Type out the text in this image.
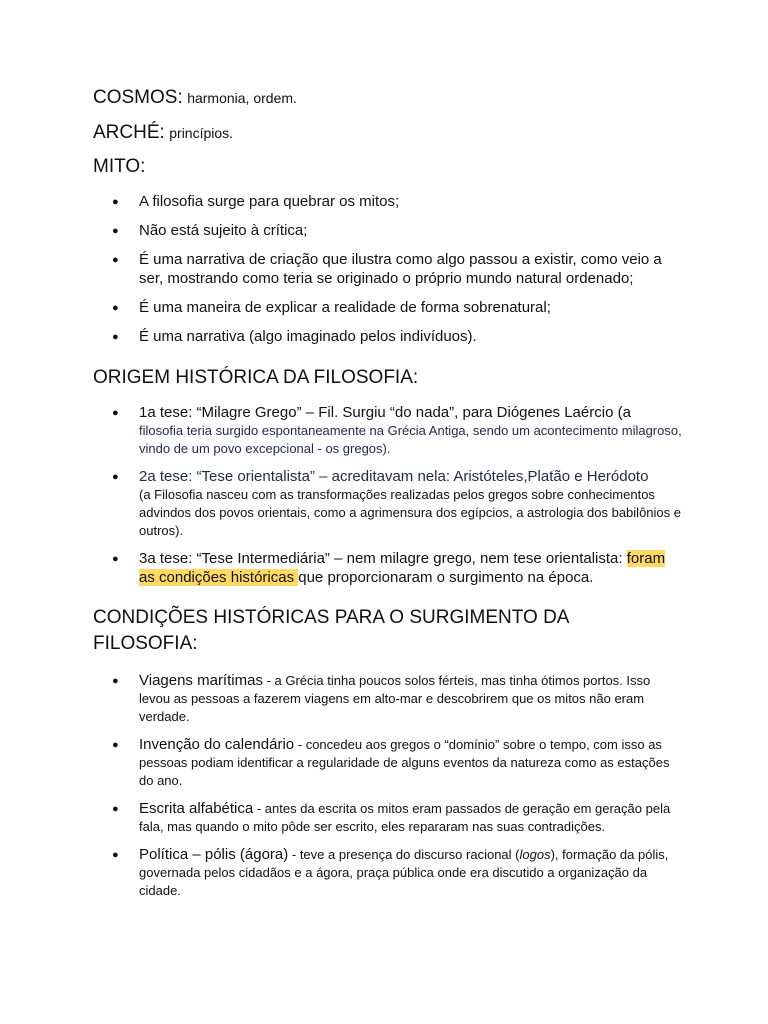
COSMOS: harmonia, ordem.

ARCHÉ: princípios.

MITO:
● A filosofia surge para quebrar os mitos;
● Não está sujeito à crítica;
● É uma narrativa de criação que ilustra como algo passou a existir, como veio a ser, mostrando como teria se originado o próprio mundo natural ordenado;
● É uma maneira de explicar a realidade de forma sobrenatural;
● É uma narrativa (algo imaginado pelos indivíduos).
ORIGEM HISTÓRICA DA FILOSOFIA:
● 1a tese: “Milagre Grego” – Fil. Surgiu “do nada”, para Diógenes Laércio (a
filosofia teria surgido espontaneamente na Grécia Antiga, sendo um acontecimento milagroso, vindo de um povo excepcional - os gregos).
● 2a tese: “Tese orientalista” – acreditavam nela: Aristóteles,Platão e Heródoto
(a Filosofia nasceu com as transformações realizadas pelos gregos sobre conhecimentos advindos dos povos orientais, como a agrimensura dos egípcios, a astrologia dos babilônios e outros).
● 3a tese: “Tese Intermediária” – nem milagre grego, nem tese orientalista: foram as condições históricas que proporcionaram o surgimento na época.
CONDIÇÕES HISTÓRICAS PARA O SURGIMENTO DA FILOSOFIA:
● Viagens marítimas - a Grécia tinha poucos solos férteis, mas tinha ótimos portos. Isso levou as pessoas a fazerem viagens em alto-mar e descobrirem que os mitos não eram verdade.
● Invenção do calendário - concedeu aos gregos o “domínio” sobre o tempo, com isso as pessoas podiam identificar a regularidade de alguns eventos da natureza como as estações do ano.
● Escrita alfabética - antes da escrita os mitos eram passados de geração em geração pela fala, mas quando o mito pôde ser escrito, eles repararam nas suas contradições.
● Política – pólis (ágora) - teve a presença do discurso racional (logos), formação da pólis, governada pelos cidadãos e a ágora, praça pública onde era discutido a organização da cidade.
